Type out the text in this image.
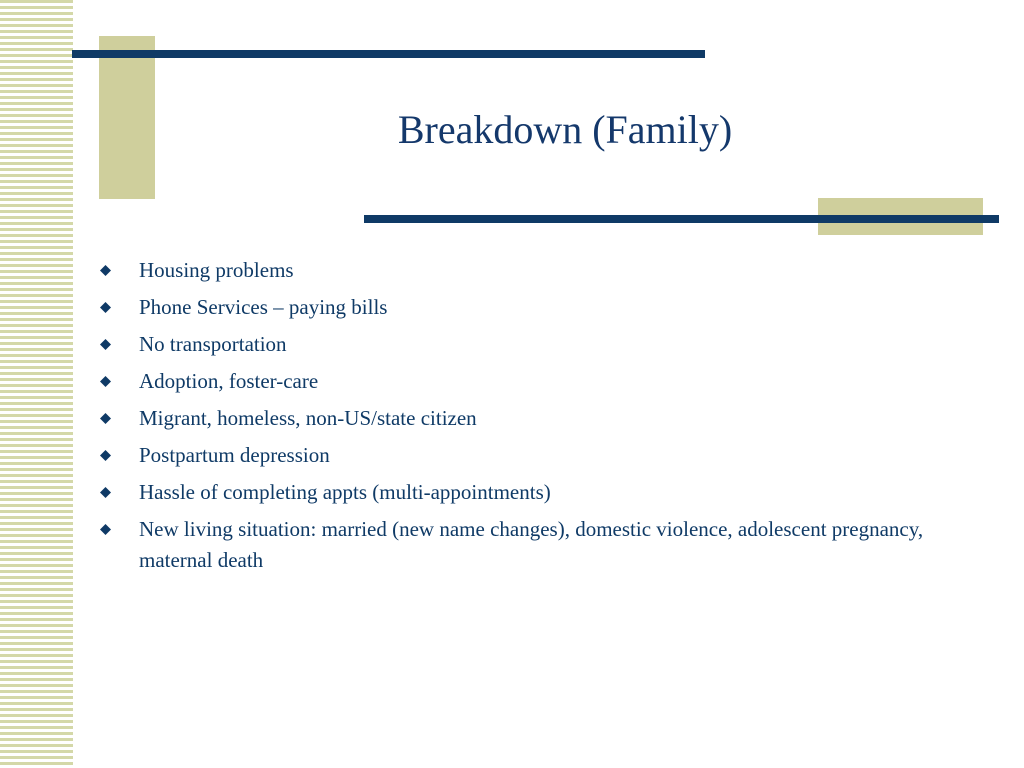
Breakdown (Family)
Housing problems
Phone Services – paying bills
No transportation
Adoption, foster-care
Migrant, homeless, non-US/state citizen
Postpartum depression
Hassle of completing appts (multi-appointments)
New living situation: married (new name changes), domestic violence, adolescent pregnancy, maternal death
